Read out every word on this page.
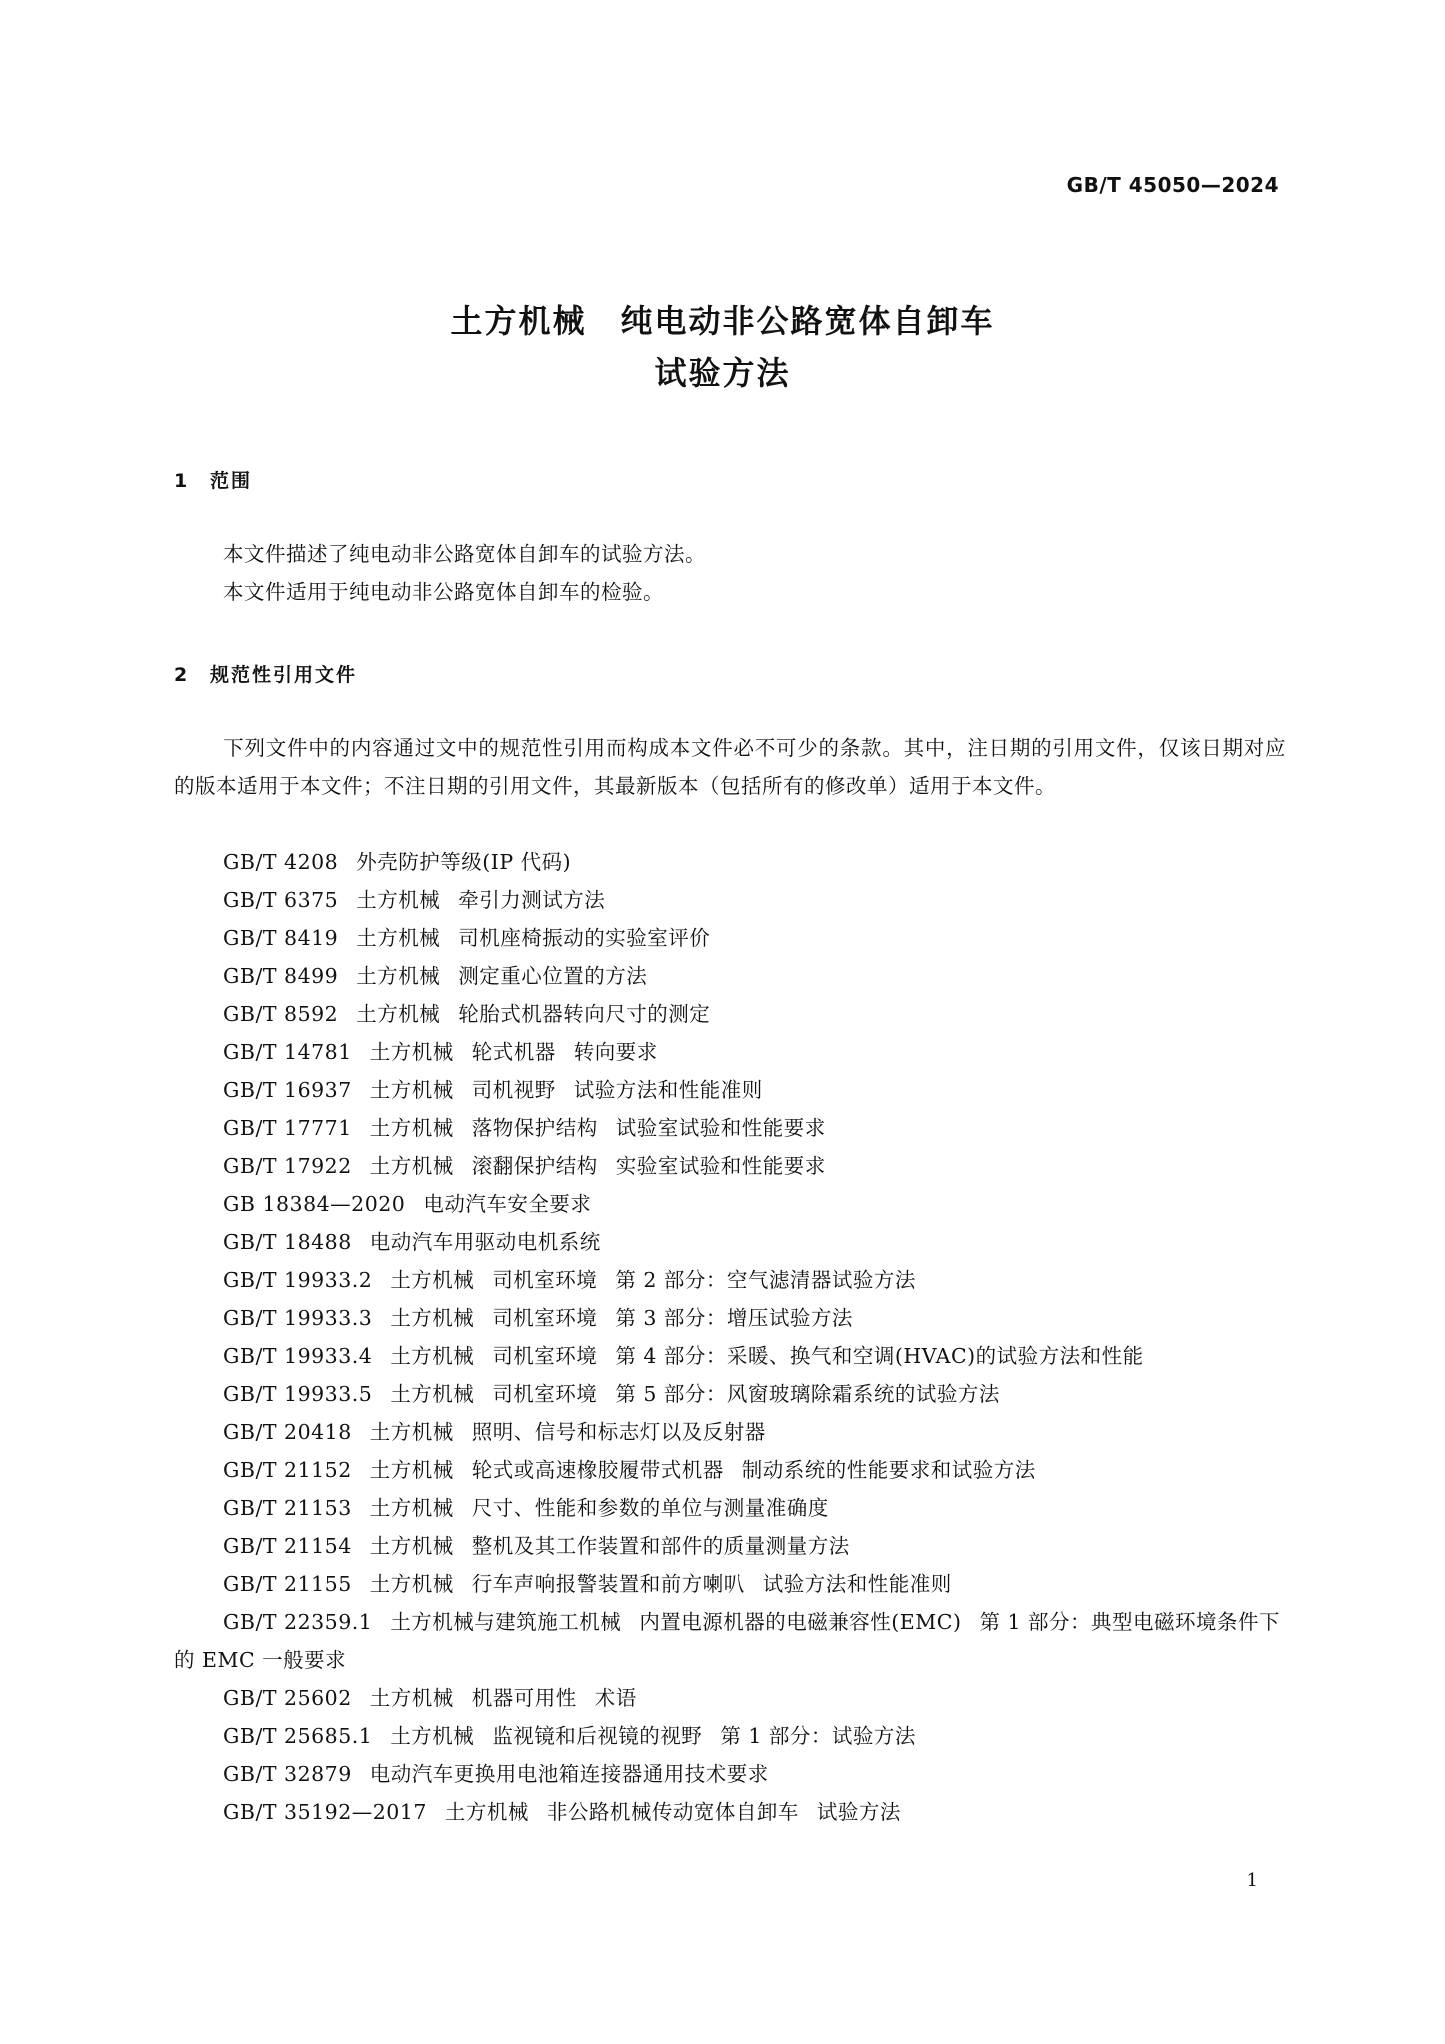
GB/T 45050—2024
土方机械 纯电动非公路宽体自卸车
试验方法
1 范围
本文件描述了纯电动非公路宽体自卸车的试验方法。
本文件适用于纯电动非公路宽体自卸车的检验。
2 规范性引用文件
下列文件中的内容通过文中的规范性引用而构成本文件必不可少的条款。其中，注日期的引用文件，仅该日期对应的版本适用于本文件；不注日期的引用文件，其最新版本（包括所有的修改单）适用于本文件。
GB/T 4208 外壳防护等级(IP 代码)
GB/T 6375 土方机械 牵引力测试方法
GB/T 8419 土方机械 司机座椅振动的实验室评价
GB/T 8499 土方机械 测定重心位置的方法
GB/T 8592 土方机械 轮胎式机器转向尺寸的测定
GB/T 14781 土方机械 轮式机器 转向要求
GB/T 16937 土方机械 司机视野 试验方法和性能准则
GB/T 17771 土方机械 落物保护结构 试验室试验和性能要求
GB/T 17922 土方机械 滚翻保护结构 实验室试验和性能要求
GB 18384—2020 电动汽车安全要求
GB/T 18488 电动汽车用驱动电机系统
GB/T 19933.2 土方机械 司机室环境 第 2 部分：空气滤清器试验方法
GB/T 19933.3 土方机械 司机室环境 第 3 部分：增压试验方法
GB/T 19933.4 土方机械 司机室环境 第 4 部分：采暖、换气和空调(HVAC)的试验方法和性能
GB/T 19933.5 土方机械 司机室环境 第 5 部分：风窗玻璃除霜系统的试验方法
GB/T 20418 土方机械 照明、信号和标志灯以及反射器
GB/T 21152 土方机械 轮式或高速橡胶履带式机器 制动系统的性能要求和试验方法
GB/T 21153 土方机械 尺寸、性能和参数的单位与测量准确度
GB/T 21154 土方机械 整机及其工作装置和部件的质量测量方法
GB/T 21155 土方机械 行车声响报警装置和前方喇叭 试验方法和性能准则
GB/T 22359.1 土方机械与建筑施工机械 内置电源机器的电磁兼容性(EMC) 第 1 部分：典型电磁环境条件下的 EMC 一般要求
GB/T 25602 土方机械 机器可用性 术语
GB/T 25685.1 土方机械 监视镜和后视镜的视野 第 1 部分：试验方法
GB/T 32879 电动汽车更换用电池箱连接器通用技术要求
GB/T 35192—2017 土方机械 非公路机械传动宽体自卸车 试验方法
1
